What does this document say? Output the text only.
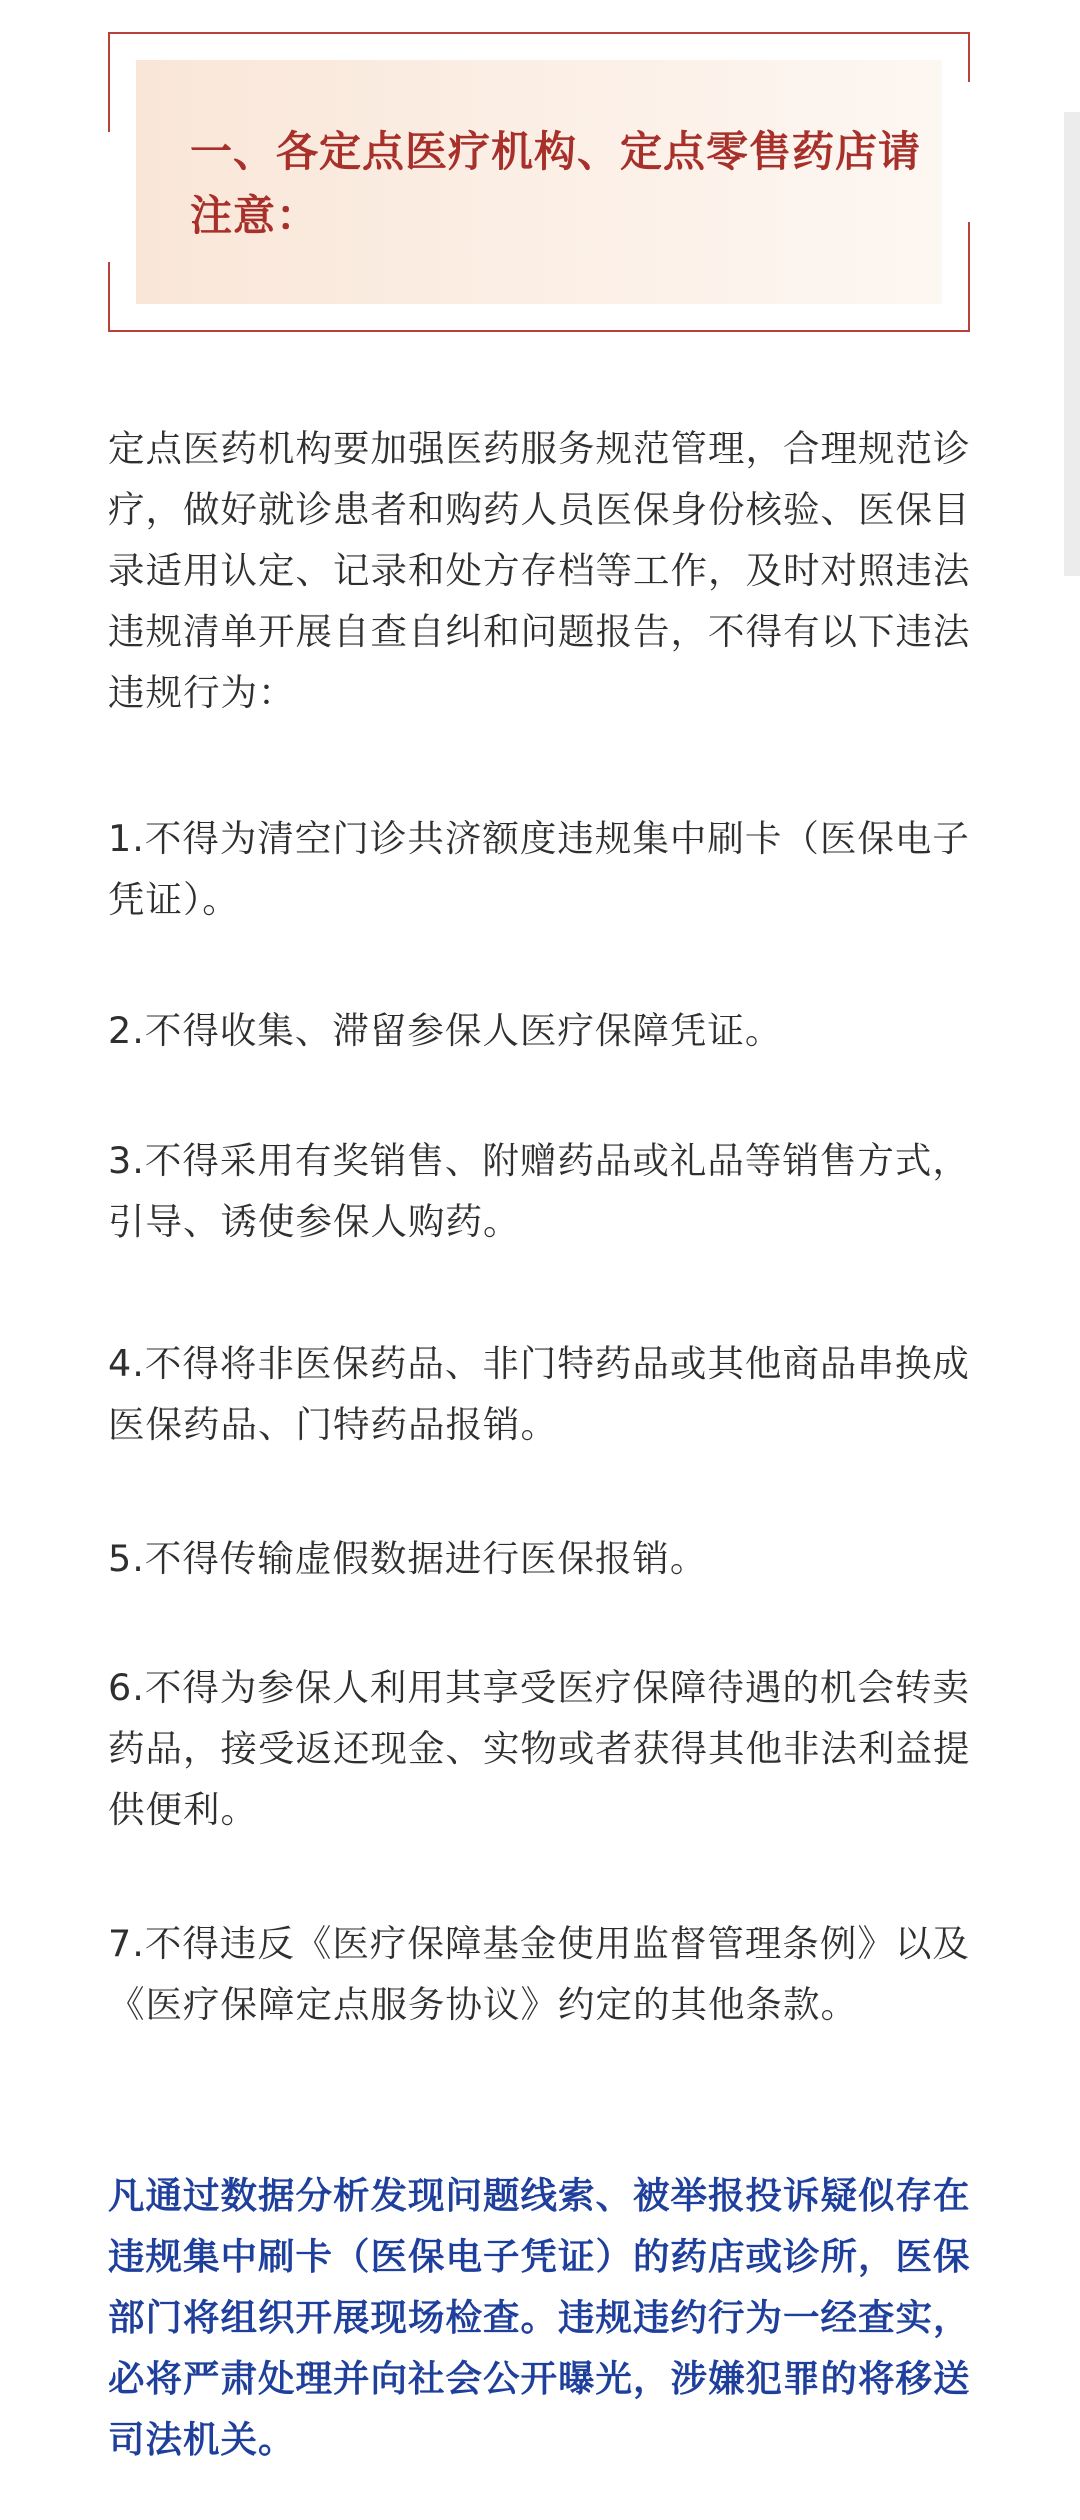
一、各定点医疗机构、定点零售药店请注意：

定点医药机构要加强医药服务规范管理，合理规范诊疗，做好就诊患者和购药人员医保身份核验、医保目录适用认定、记录和处方存档等工作，及时对照违法违规清单开展自查自纠和问题报告，不得有以下违法违规行为：

1.不得为清空门诊共济额度违规集中刷卡（医保电子凭证）。

2.不得收集、滞留参保人医疗保障凭证。

3.不得采用有奖销售、附赠药品或礼品等销售方式，引导、诱使参保人购药。

4.不得将非医保药品、非门特药品或其他商品串换成医保药品、门特药品报销。

5.不得传输虚假数据进行医保报销。

6.不得为参保人利用其享受医疗保障待遇的机会转卖药品，接受返还现金、实物或者获得其他非法利益提供便利。

7.不得违反《医疗保障基金使用监督管理条例》以及《医疗保障定点服务协议》约定的其他条款。

凡通过数据分析发现问题线索、被举报投诉疑似存在违规集中刷卡（医保电子凭证）的药店或诊所，医保部门将组织开展现场检查。违规违约行为一经查实，必将严肃处理并向社会公开曝光，涉嫌犯罪的将移送司法机关。
